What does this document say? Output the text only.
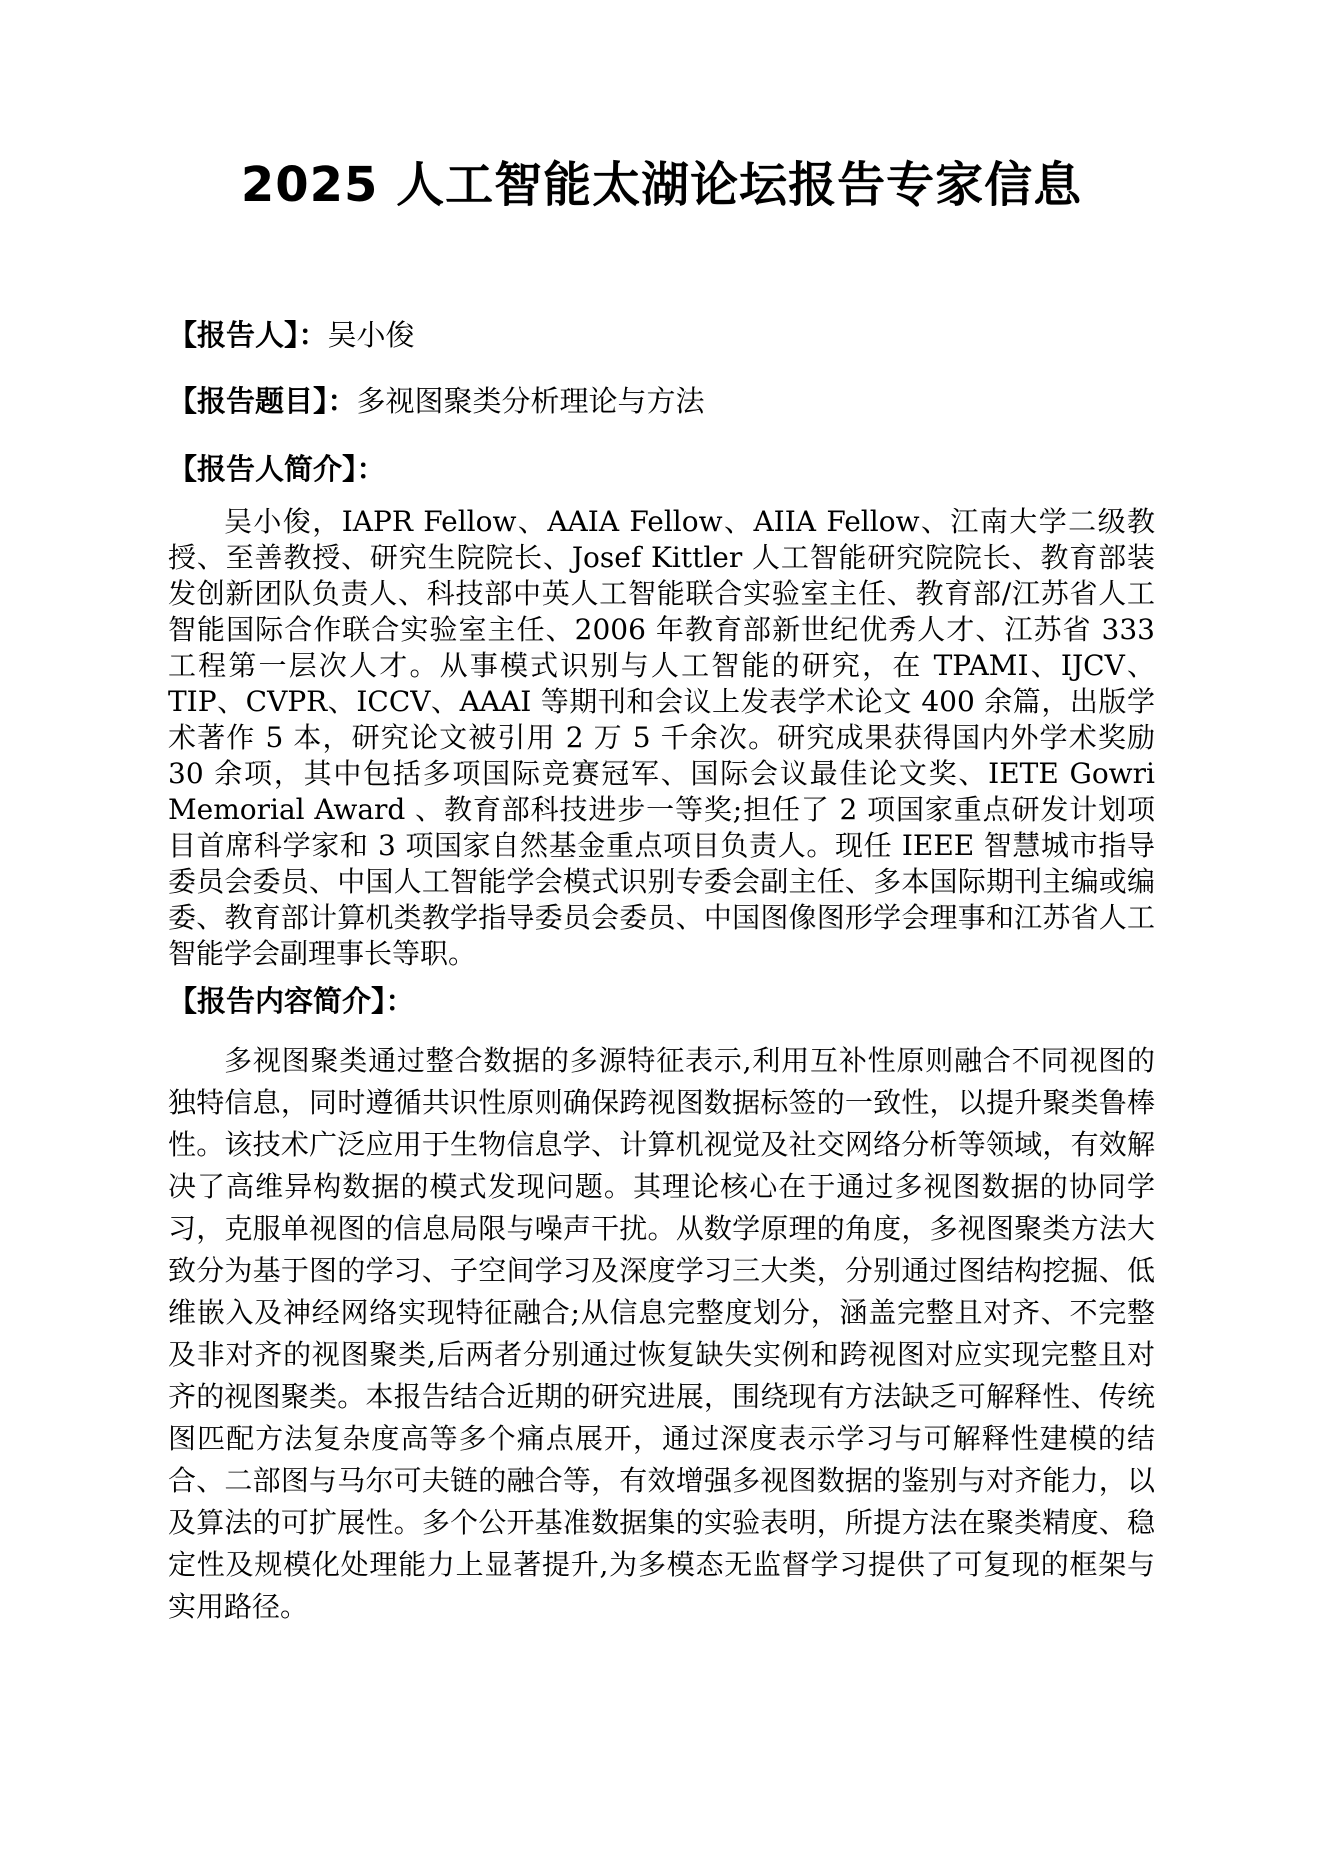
2025 人工智能太湖论坛报告专家信息
【报告人】：吴小俊
【报告题目】：多视图聚类分析理论与方法
【报告人简介】：

吴小俊，IAPR Fellow、AAIA Fellow、AIIA Fellow、江南大学二级教授、至善教授、研究生院院长、Josef Kittler 人工智能研究院院长、教育部装发创新团队负责人、科技部中英人工智能联合实验室主任、教育部/江苏省人工智能国际合作联合实验室主任、2006 年教育部新世纪优秀人才、江苏省 333 工程第一层次人才。从事模式识别与人工智能的研究，在 TPAMI、IJCV、TIP、CVPR、ICCV、AAAI 等期刊和会议上发表学术论文 400 余篇，出版学术著作 5 本，研究论文被引用 2 万 5 千余次。研究成果获得国内外学术奖励 30 余项，其中包括多项国际竞赛冠军、国际会议最佳论文奖、IETE Gowri Memorial Award 、教育部科技进步一等奖;担任了 2 项国家重点研发计划项目首席科学家和 3 项国家自然基金重点项目负责人。现任 IEEE 智慧城市指导委员会委员、中国人工智能学会模式识别专委会副主任、多本国际期刊主编或编委、教育部计算机类教学指导委员会委员、中国图像图形学会理事和江苏省人工智能学会副理事长等职。

【报告内容简介】：

多视图聚类通过整合数据的多源特征表示,利用互补性原则融合不同视图的独特信息，同时遵循共识性原则确保跨视图数据标签的一致性，以提升聚类鲁棒性。该技术广泛应用于生物信息学、计算机视觉及社交网络分析等领域，有效解决了高维异构数据的模式发现问题。其理论核心在于通过多视图数据的协同学习，克服单视图的信息局限与噪声干扰。从数学原理的角度，多视图聚类方法大致分为基于图的学习、子空间学习及深度学习三大类，分别通过图结构挖掘、低维嵌入及神经网络实现特征融合;从信息完整度划分，涵盖完整且对齐、不完整及非对齐的视图聚类,后两者分别通过恢复缺失实例和跨视图对应实现完整且对齐的视图聚类。本报告结合近期的研究进展，围绕现有方法缺乏可解释性、传统图匹配方法复杂度高等多个痛点展开，通过深度表示学习与可解释性建模的结合、二部图与马尔可夫链的融合等，有效增强多视图数据的鉴别与对齐能力，以及算法的可扩展性。多个公开基准数据集的实验表明，所提方法在聚类精度、稳定性及规模化处理能力上显著提升,为多模态无监督学习提供了可复现的框架与实用路径。
